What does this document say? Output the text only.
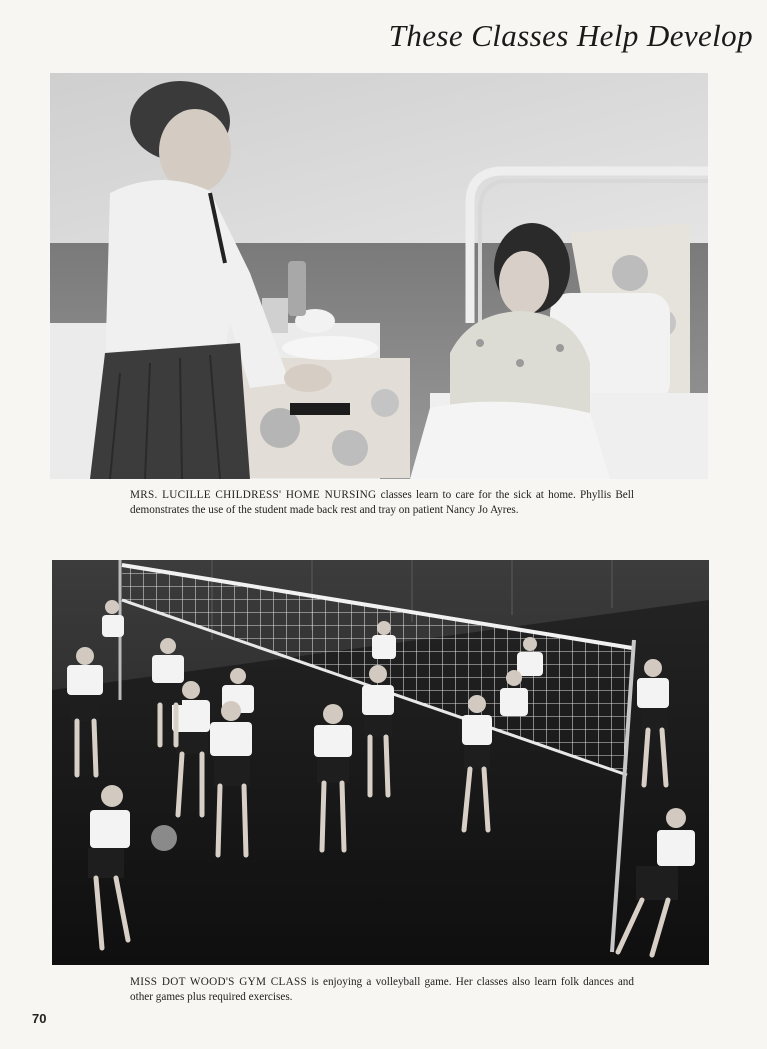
These Classes Help Develop
MRS. LUCILLE CHILDRESS' HOME NURSING classes learn to care for the sick at home. Phyllis Bell demonstrates the use of the student made back rest and tray on patient Nancy Jo Ayres.
MISS DOT WOOD'S GYM CLASS is enjoying a volleyball game. Her classes also learn folk dances and other games plus required exercises.
70
